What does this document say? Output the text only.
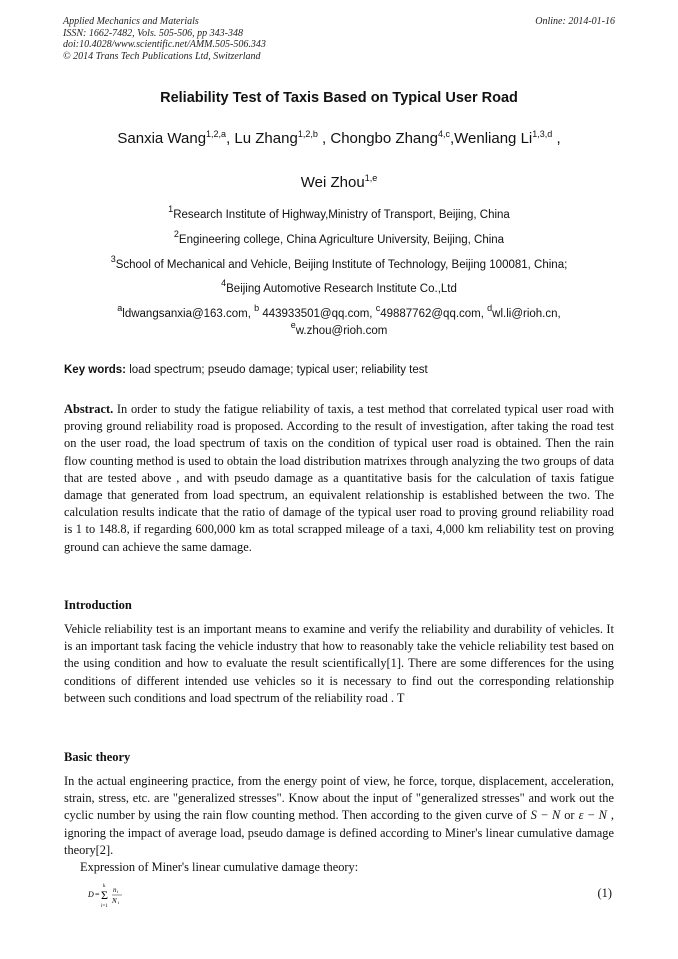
Applied Mechanics and Materials
ISSN: 1662-7482, Vols. 505-506, pp 343-348
doi:10.4028/www.scientific.net/AMM.505-506.343
© 2014 Trans Tech Publications Ltd, Switzerland
Online: 2014-01-16
Reliability Test of Taxis Based on Typical User Road
Sanxia Wang$^{1,2,a}$, Lu Zhang$^{1,2,b}$ , Chongbo Zhang$^{4,c}$,Wenliang Li$^{1,3,d}$ ,
Wei Zhou$^{1,e}$
$^1$Research Institute of Highway,Ministry of Transport, Beijing, China
$^2$Engineering college, China Agriculture University, Beijing, China
$^3$School of Mechanical and Vehicle, Beijing Institute of Technology, Beijing 100081, China;
$^4$Beijing Automotive Research Institute Co.,Ltd
$^a$ldwangsanxia@163.com, $^b$ 443933501@qq.com, $^c$49887762@qq.com, $^d$wl.li@rioh.cn,
$^e$w.zhou@rioh.com
Key words: load spectrum; pseudo damage; typical user; reliability test
Abstract. In order to study the fatigue reliability of taxis, a test method that correlated typical user road with proving ground reliability road is proposed. According to the result of investigation, after taking the road test on the user road, the load spectrum of taxis on the condition of typical user road is obtained. Then the rain flow counting method is used to obtain the load distribution matrixes through analyzing the two groups of data that are tested above , and with pseudo damage as a quantitative basis for the calculation of taxis fatigue damage that generated from load spectrum, an equivalent relationship is established between the two. The calculation results indicate that the ratio of damage of the typical user road to proving ground reliability road is 1 to 148.8, if regarding 600,000 km as total scrapped mileage of a taxi, 4,000 km reliability test on proving ground can achieve the same damage.
Introduction
Vehicle reliability test is an important means to examine and verify the reliability and durability of vehicles. It is an important task facing the vehicle industry that how to reasonably take the vehicle reliability test based on the using condition and how to evaluate the result scientifically[1]. There are some differences for the using conditions of different intended use vehicles so it is necessary to find out the corresponding relationship between such conditions and load spectrum of the reliability road . T
Basic theory
In the actual engineering practice, from the energy point of view, he force, torque, displacement, acceleration, strain, stress, etc. are "generalized stresses". Know about the input of "generalized stresses" and work out the cyclic number by using the rain flow counting method. Then according to the given curve of S − N or ε − N , ignoring the impact of average load, pseudo damage is defined according to Miner's linear cumulative damage theory[2].
Expression of Miner's linear cumulative damage theory:
D =
k
Σ
i=1
n i
N i
(1)
